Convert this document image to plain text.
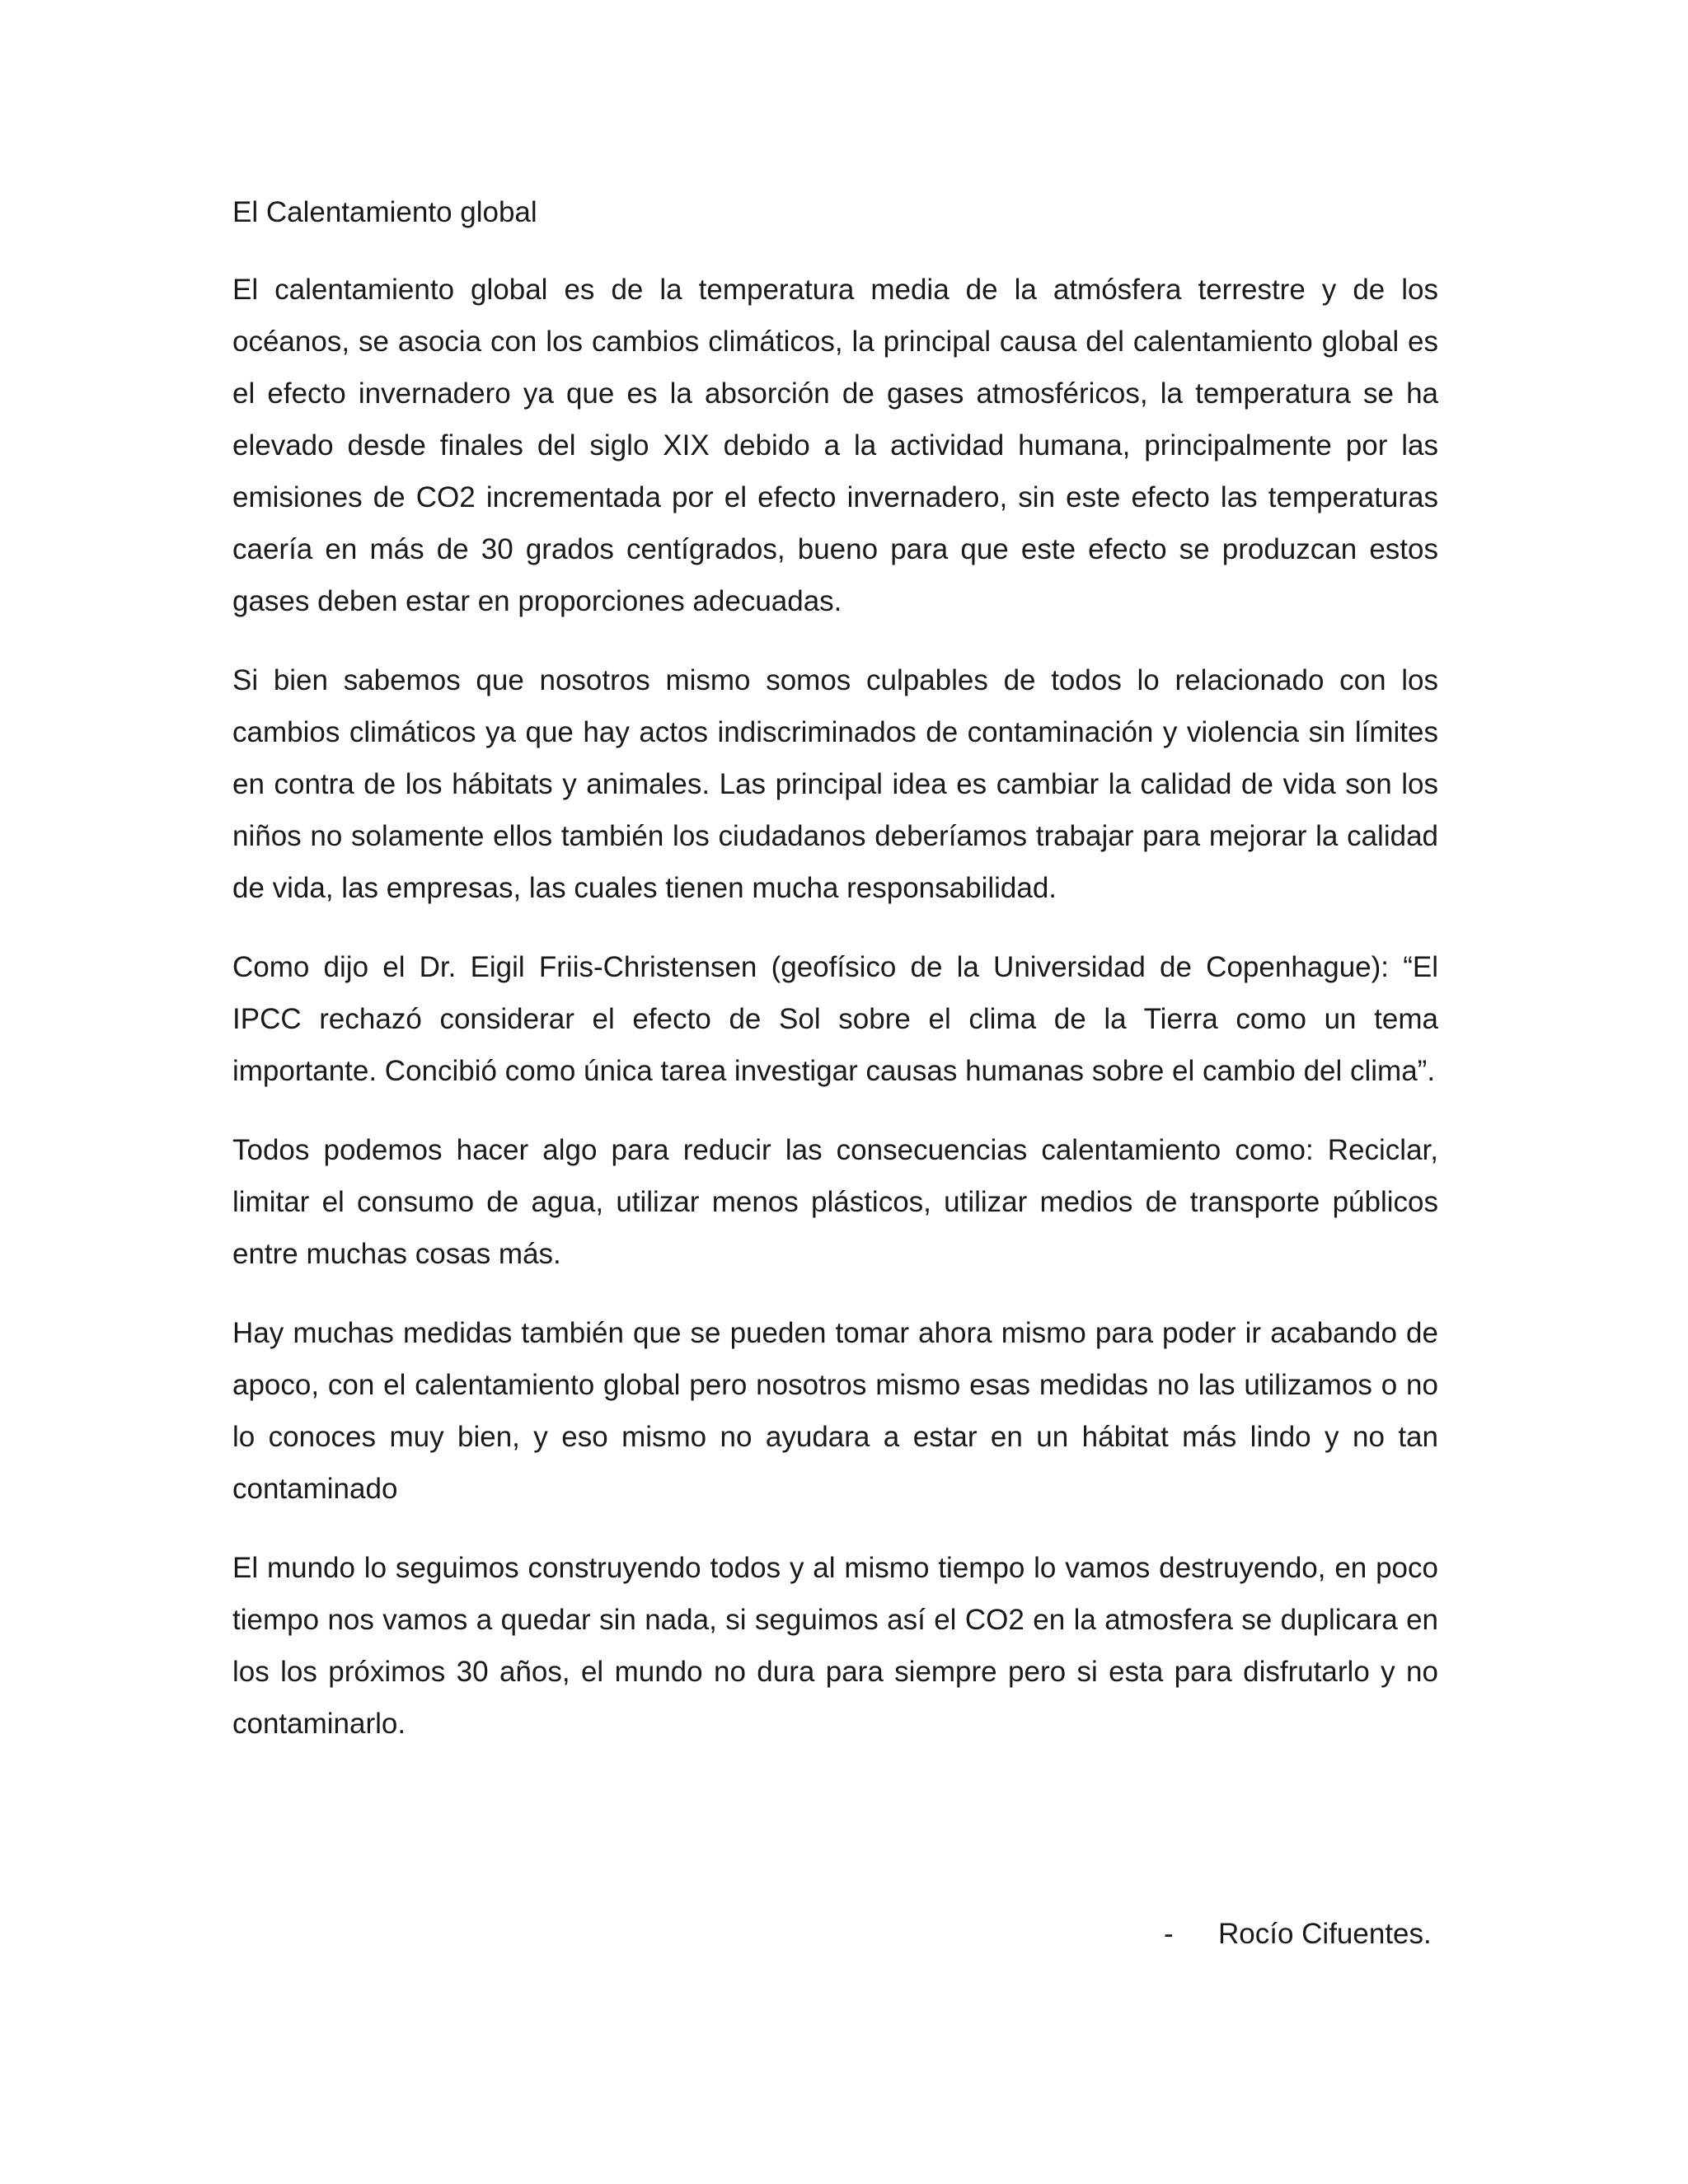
El Calentamiento global

El calentamiento global es de la temperatura media de la atmósfera terrestre y de los océanos, se asocia con los cambios climáticos, la principal causa del calentamiento global es el efecto invernadero ya que es la absorción de gases atmosféricos, la temperatura se ha elevado desde finales del siglo XIX debido a la actividad humana, principalmente por las emisiones de CO2 incrementada por el efecto invernadero, sin este efecto las temperaturas caería en más de 30 grados centígrados, bueno para que este efecto se produzcan estos gases deben estar en proporciones adecuadas.

Si bien sabemos que nosotros mismo somos culpables de todos lo relacionado con los cambios climáticos ya que hay actos indiscriminados de contaminación y violencia sin límites en contra de los hábitats y animales. Las principal idea es cambiar la calidad de vida son los niños no solamente ellos también los ciudadanos deberíamos trabajar para mejorar la calidad de vida, las empresas, las cuales tienen mucha responsabilidad.

Como dijo el Dr. Eigil Friis-Christensen (geofísico de la Universidad de Copenhague): “El IPCC rechazó considerar el efecto de Sol sobre el clima de la Tierra como un tema importante. Concibió como única tarea investigar causas humanas sobre el cambio del clima”.

Todos podemos hacer algo para reducir las consecuencias calentamiento como: Reciclar, limitar el consumo de agua, utilizar menos plásticos, utilizar medios de transporte públicos entre muchas cosas más.

Hay muchas medidas también que se pueden tomar ahora mismo para poder ir acabando de apoco, con el calentamiento global pero nosotros mismo esas medidas no las utilizamos o no lo conoces muy bien, y eso mismo no ayudara a estar en un hábitat más lindo y no tan contaminado

El mundo lo seguimos construyendo todos y al mismo tiempo lo vamos destruyendo, en poco tiempo nos vamos a quedar sin nada, si seguimos así el CO2 en la atmosfera se duplicara en los los próximos 30 años, el mundo no dura para siempre pero si esta para disfrutarlo y no contaminarlo.

- Rocío Cifuentes.
